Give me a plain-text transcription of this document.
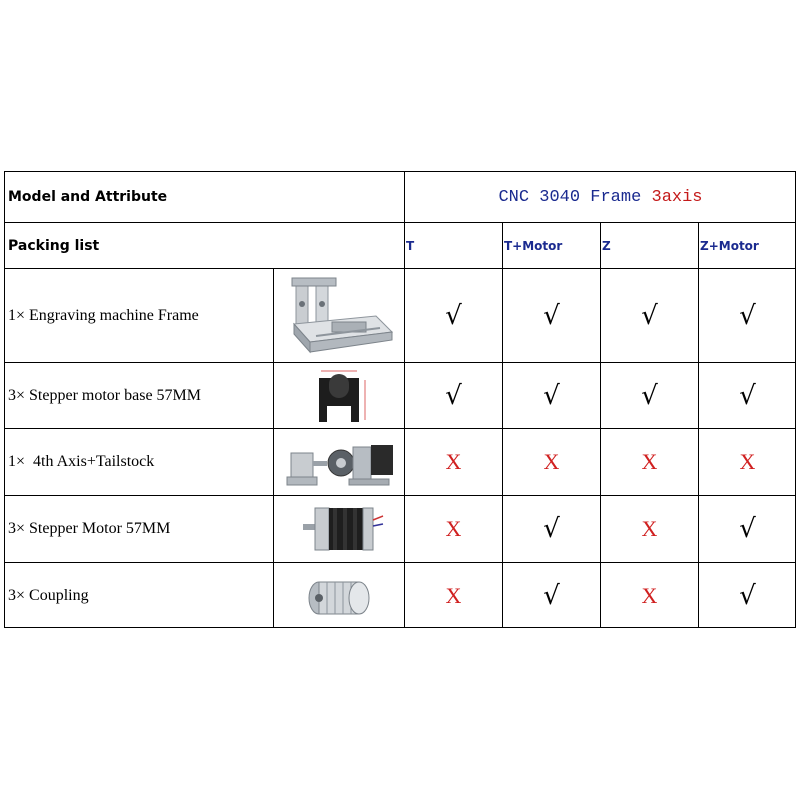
Model and Attribute	CNC 3040 Frame 3axis
Packing list	T	T+Motor	Z	Z+Motor
1× Engraving machine Frame	√	√	√	√
3× Stepper motor base 57MM	√	√	√	√
1×  4th Axis+Tailstock	X	X	X	X
3× Stepper Motor 57MM	X	√	X	√
3× Coupling	X	√	X	√
